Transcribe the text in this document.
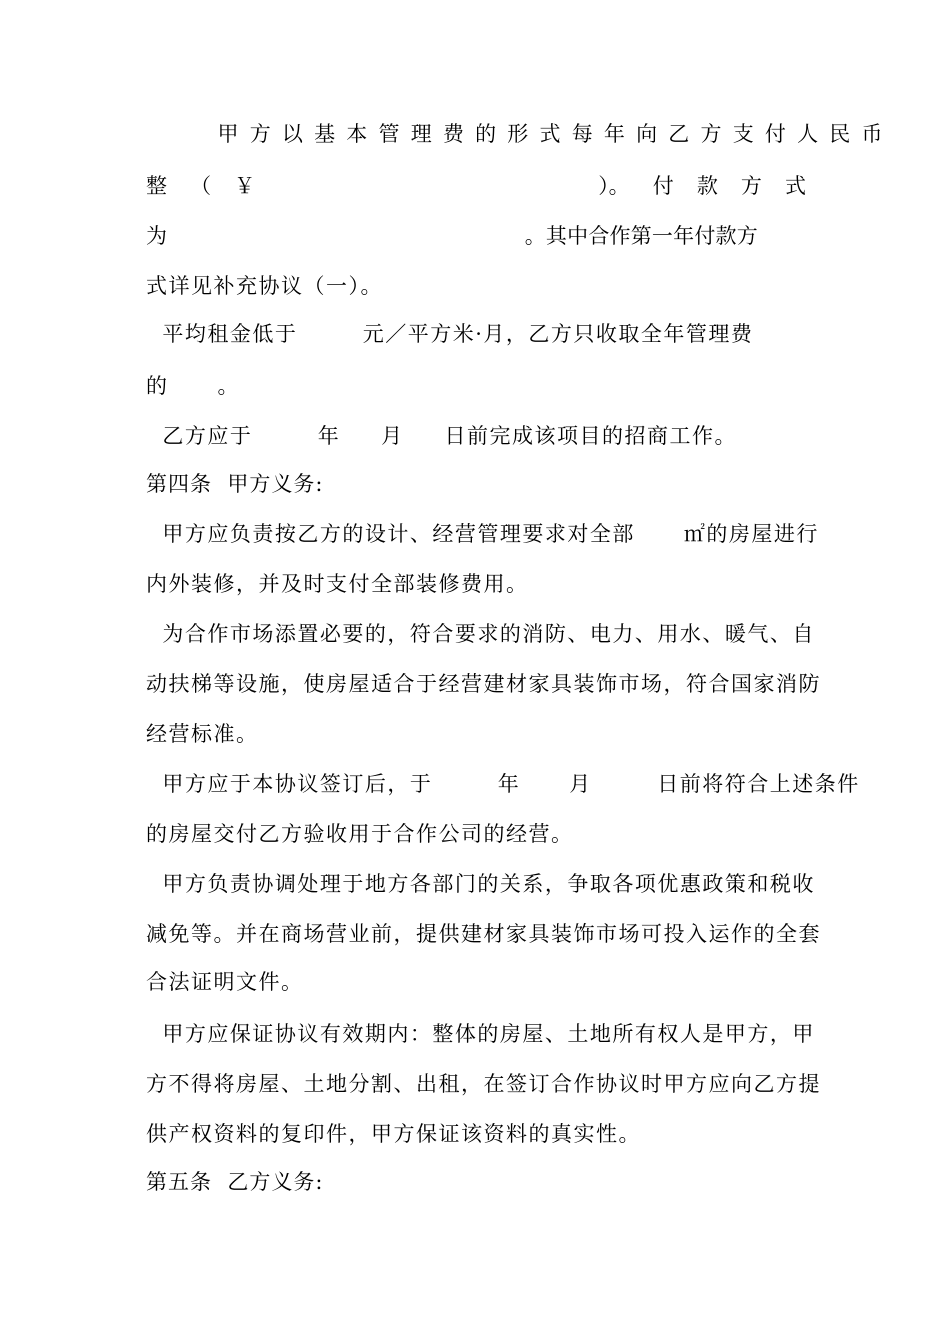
甲方以基本管理费的形式每年向乙方支付人民币
整 （ ￥	）。 付 款 方 式
为                                                    。其中合作第一年付款方
式详见补充协议（一）。
平均租金低于        元／平方米·月，乙方只收取全年管理费
的      。
乙方应于        年     月     日前完成该项目的招商工作。
第四条  甲方义务:
甲方应负责按乙方的设计、经营管理要求对全部      ㎡的房屋进行
内外装修，并及时支付全部装修费用。
为合作市场添置必要的，符合要求的消防、电力、用水、暖气、自
动扶梯等设施，使房屋适合于经营建材家具装饰市场，符合国家消防
经营标准。
甲方应于本协议签订后，于        年      月        日前将符合上述条件
的房屋交付乙方验收用于合作公司的经营。
甲方负责协调处理于地方各部门的关系，争取各项优惠政策和税收
减免等。并在商场营业前，提供建材家具装饰市场可投入运作的全套
合法证明文件。
甲方应保证协议有效期内：整体的房屋、土地所有权人是甲方，甲
方不得将房屋、土地分割、出租，在签订合作协议时甲方应向乙方提
供产权资料的复印件，甲方保证该资料的真实性。
第五条  乙方义务:
